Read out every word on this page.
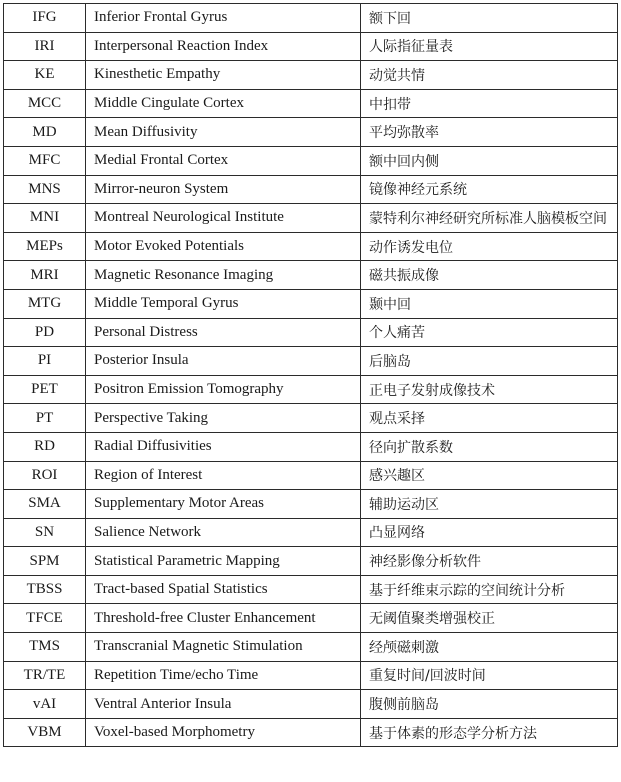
IFG	Inferior Frontal Gyrus	额下回
IRI	Interpersonal Reaction Index	人际指征量表
KE	Kinesthetic Empathy	动觉共情
MCC	Middle Cingulate Cortex	中扣带
MD	Mean Diffusivity	平均弥散率
MFC	Medial Frontal Cortex	额中回内侧
MNS	Mirror-neuron System	镜像神经元系统
MNI	Montreal Neurological Institute	蒙特利尔神经研究所标准人脑模板空间
MEPs	Motor Evoked Potentials	动作诱发电位
MRI	Magnetic Resonance Imaging	磁共振成像
MTG	Middle Temporal Gyrus	颞中回
PD	Personal Distress	个人痛苦
PI	Posterior Insula	后脑岛
PET	Positron Emission Tomography	正电子发射成像技术
PT	Perspective Taking	观点采择
RD	Radial Diffusivities	径向扩散系数
ROI	Region of Interest	感兴趣区
SMA	Supplementary Motor Areas	辅助运动区
SN	Salience Network	凸显网络
SPM	Statistical Parametric Mapping	神经影像分析软件
TBSS	Tract-based Spatial Statistics	基于纤维束示踪的空间统计分析
TFCE	Threshold-free Cluster Enhancement	无阈值聚类增强校正
TMS	Transcranial Magnetic Stimulation	经颅磁刺激
TR/TE	Repetition Time/echo Time	重复时间/回波时间
vAI	Ventral Anterior Insula	腹侧前脑岛
VBM	Voxel-based Morphometry	基于体素的形态学分析方法
